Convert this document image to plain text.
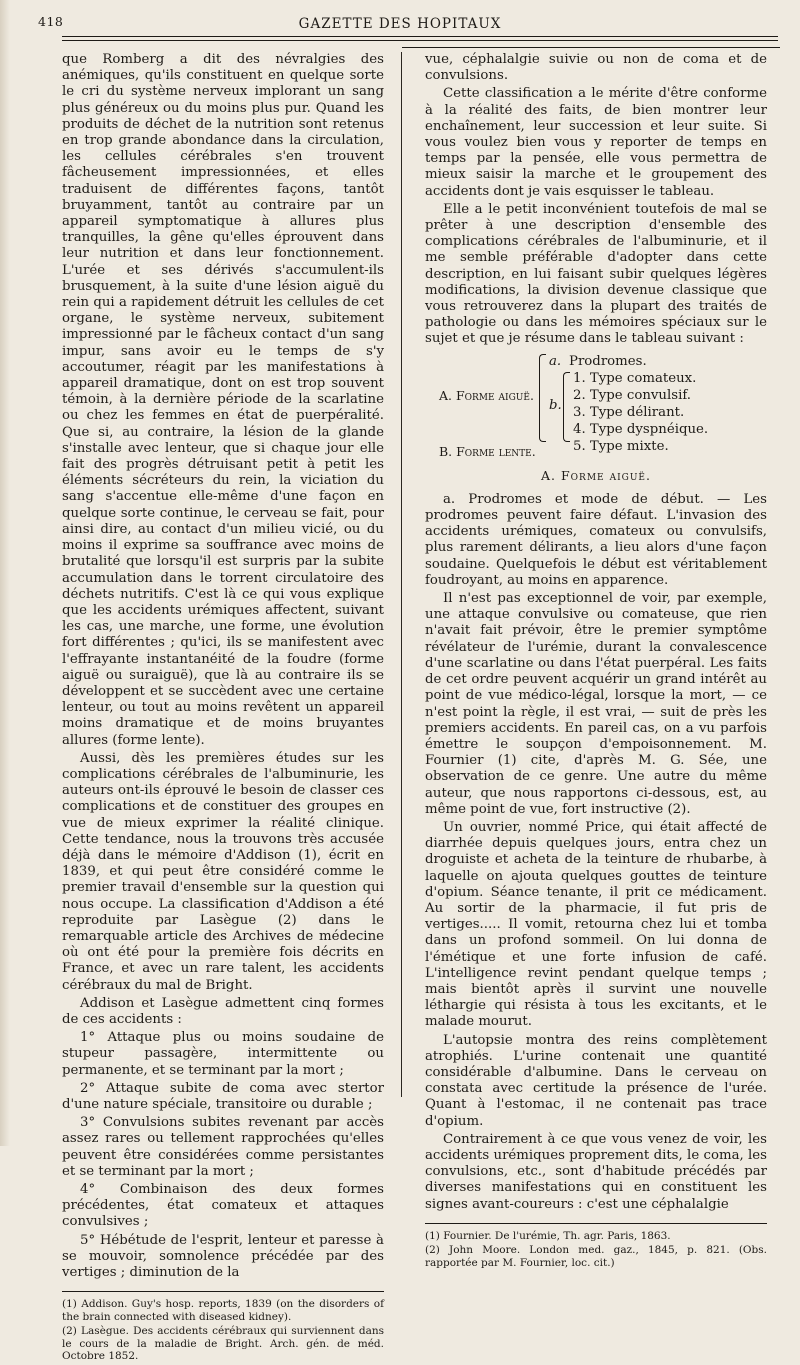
418	GAZETTE DES HOPITAUX

que Romberg a dit des névralgies des anémiques, qu'ils constituent en quelque sorte le cri du système nerveux implorant un sang plus généreux ou du moins plus pur. Quand les produits de déchet de la nutrition sont retenus en trop grande abondance dans la circulation, les cellules cérébrales s'en trouvent fâcheusement impressionnées, et elles traduisent de différentes façons, tantôt bruyamment, tantôt au contraire par un appareil symptomatique à allures plus tranquilles, la gêne qu'elles éprouvent dans leur nutrition et dans leur fonctionnement. L'urée et ses dérivés s'accumulent-ils brusquement, à la suite d'une lésion aiguë du rein qui a rapidement détruit les cellules de cet organe, le système nerveux, subitement impressionné par le fâcheux contact d'un sang impur, sans avoir eu le temps de s'y accoutumer, réagit par les manifestations à appareil dramatique, dont on est trop souvent témoin, à la dernière période de la scarlatine ou chez les femmes en état de puerpéralité. Que si, au contraire, la lésion de la glande s'installe avec lenteur, que si chaque jour elle fait des progrès détruisant petit à petit les éléments sécréteurs du rein, la viciation du sang s'accentue elle-même d'une façon en quelque sorte continue, le cerveau se fait, pour ainsi dire, au contact d'un milieu vicié, ou du moins il exprime sa souffrance avec moins de brutalité que lorsqu'il est surpris par la subite accumulation dans le torrent circulatoire des déchets nutritifs. C'est là ce qui vous explique que les accidents urémiques affectent, suivant les cas, une marche, une forme, une évolution fort différentes ; qu'ici, ils se manifestent avec l'effrayante instantanéité de la foudre (forme aiguë ou suraiguë), que là au contraire ils se développent et se succèdent avec une certaine lenteur, ou tout au moins revêtent un appareil moins dramatique et de moins bruyantes allures (forme lente).

Aussi, dès les premières études sur les complications cérébrales de l'albuminurie, les auteurs ont-ils éprouvé le besoin de classer ces complications et de constituer des groupes en vue de mieux exprimer la réalité clinique. Cette tendance, nous la trouvons très accusée déjà dans le mémoire d'Addison (1), écrit en 1839, et qui peut être considéré comme le premier travail d'ensemble sur la question qui nous occupe. La classification d'Addison a été reproduite par Lasègue (2) dans le remarquable article des Archives de médecine où ont été pour la première fois décrits en France, et avec un rare talent, les accidents cérébraux du mal de Bright.

Addison et Lasègue admettent cinq formes de ces accidents :

1° Attaque plus ou moins soudaine de stupeur passagère, intermittente ou permanente, et se terminant par la mort ;

2° Attaque subite de coma avec stertor d'une nature spéciale, transitoire ou durable ;

3° Convulsions subites revenant par accès assez rares ou tellement rapprochées qu'elles peuvent être considérées comme persistantes et se terminant par la mort ;

4° Combinaison des deux formes précédentes, état comateux et attaques convulsives ;

5° Hébétude de l'esprit, lenteur et paresse à se mouvoir, somnolence précédée par des vertiges ; diminution de la

(1) Addison. Guy's hosp. reports, 1839 (on the disorders of the brain connected with diseased kidney).

(2) Lasègue. Des accidents cérébraux qui surviennent dans le cours de la maladie de Bright. Arch. gén. de méd. Octobre 1852.

vue, céphalalgie suivie ou non de coma et de convulsions.

Cette classification a le mérite d'être conforme à la réalité des faits, de bien montrer leur enchaînement, leur succession et leur suite. Si vous voulez bien vous y reporter de temps en temps par la pensée, elle vous permettra de mieux saisir la marche et le groupement des accidents dont je vais esquisser le tableau.

Elle a le petit inconvénient toutefois de mal se prêter à une description d'ensemble des complications cérébrales de l'albuminurie, et il me semble préférable d'adopter dans cette description, en lui faisant subir quelques légères modifications, la division devenue classique que vous retrouverez dans la plupart des traités de pathologie ou dans les mémoires spéciaux sur le sujet et que je résume dans le tableau suivant :

A. Forme aiguë.
a. Prodromes.
b.
1. Type comateux.
2. Type convulsif.
3. Type délirant.
4. Type dyspnéique.
5. Type mixte.
B. Forme lente.
A. Forme aiguë.

a. Prodromes et mode de début. — Les prodromes peuvent faire défaut. L'invasion des accidents urémiques, comateux ou convulsifs, plus rarement délirants, a lieu alors d'une façon soudaine. Quelquefois le début est véritablement foudroyant, au moins en apparence.

Il n'est pas exceptionnel de voir, par exemple, une attaque convulsive ou comateuse, que rien n'avait fait prévoir, être le premier symptôme révélateur de l'urémie, durant la convalescence d'une scarlatine ou dans l'état puerpéral. Les faits de cet ordre peuvent acquérir un grand intérêt au point de vue médico-légal, lorsque la mort, — ce n'est point la règle, il est vrai, — suit de près les premiers accidents. En pareil cas, on a vu parfois émettre le soupçon d'empoisonnement. M. Fournier (1) cite, d'après M. G. Sée, une observation de ce genre. Une autre du même auteur, que nous rapportons ci-dessous, est, au même point de vue, fort instructive (2).

Un ouvrier, nommé Price, qui était affecté de diarrhée depuis quelques jours, entra chez un droguiste et acheta de la teinture de rhubarbe, à laquelle on ajouta quelques gouttes de teinture d'opium. Séance tenante, il prit ce médicament. Au sortir de la pharmacie, il fut pris de vertiges..... Il vomit, retourna chez lui et tomba dans un profond sommeil. On lui donna de l'émétique et une forte infusion de café. L'intelligence revint pendant quelque temps ; mais bientôt après il survint une nouvelle léthargie qui résista à tous les excitants, et le malade mourut.

L'autopsie montra des reins complètement atrophiés. L'urine contenait une quantité considérable d'albumine. Dans le cerveau on constata avec certitude la présence de l'urée. Quant à l'estomac, il ne contenait pas trace d'opium.

Contrairement à ce que vous venez de voir, les accidents urémiques proprement dits, le coma, les convulsions, etc., sont d'habitude précédés par diverses manifestations qui en constituent les signes avant-coureurs : c'est une céphalalgie

(1) Fournier. De l'urémie, Th. agr. Paris, 1863.

(2) John Moore. London med. gaz., 1845, p. 821. (Obs. rapportée par M. Fournier, loc. cit.)
